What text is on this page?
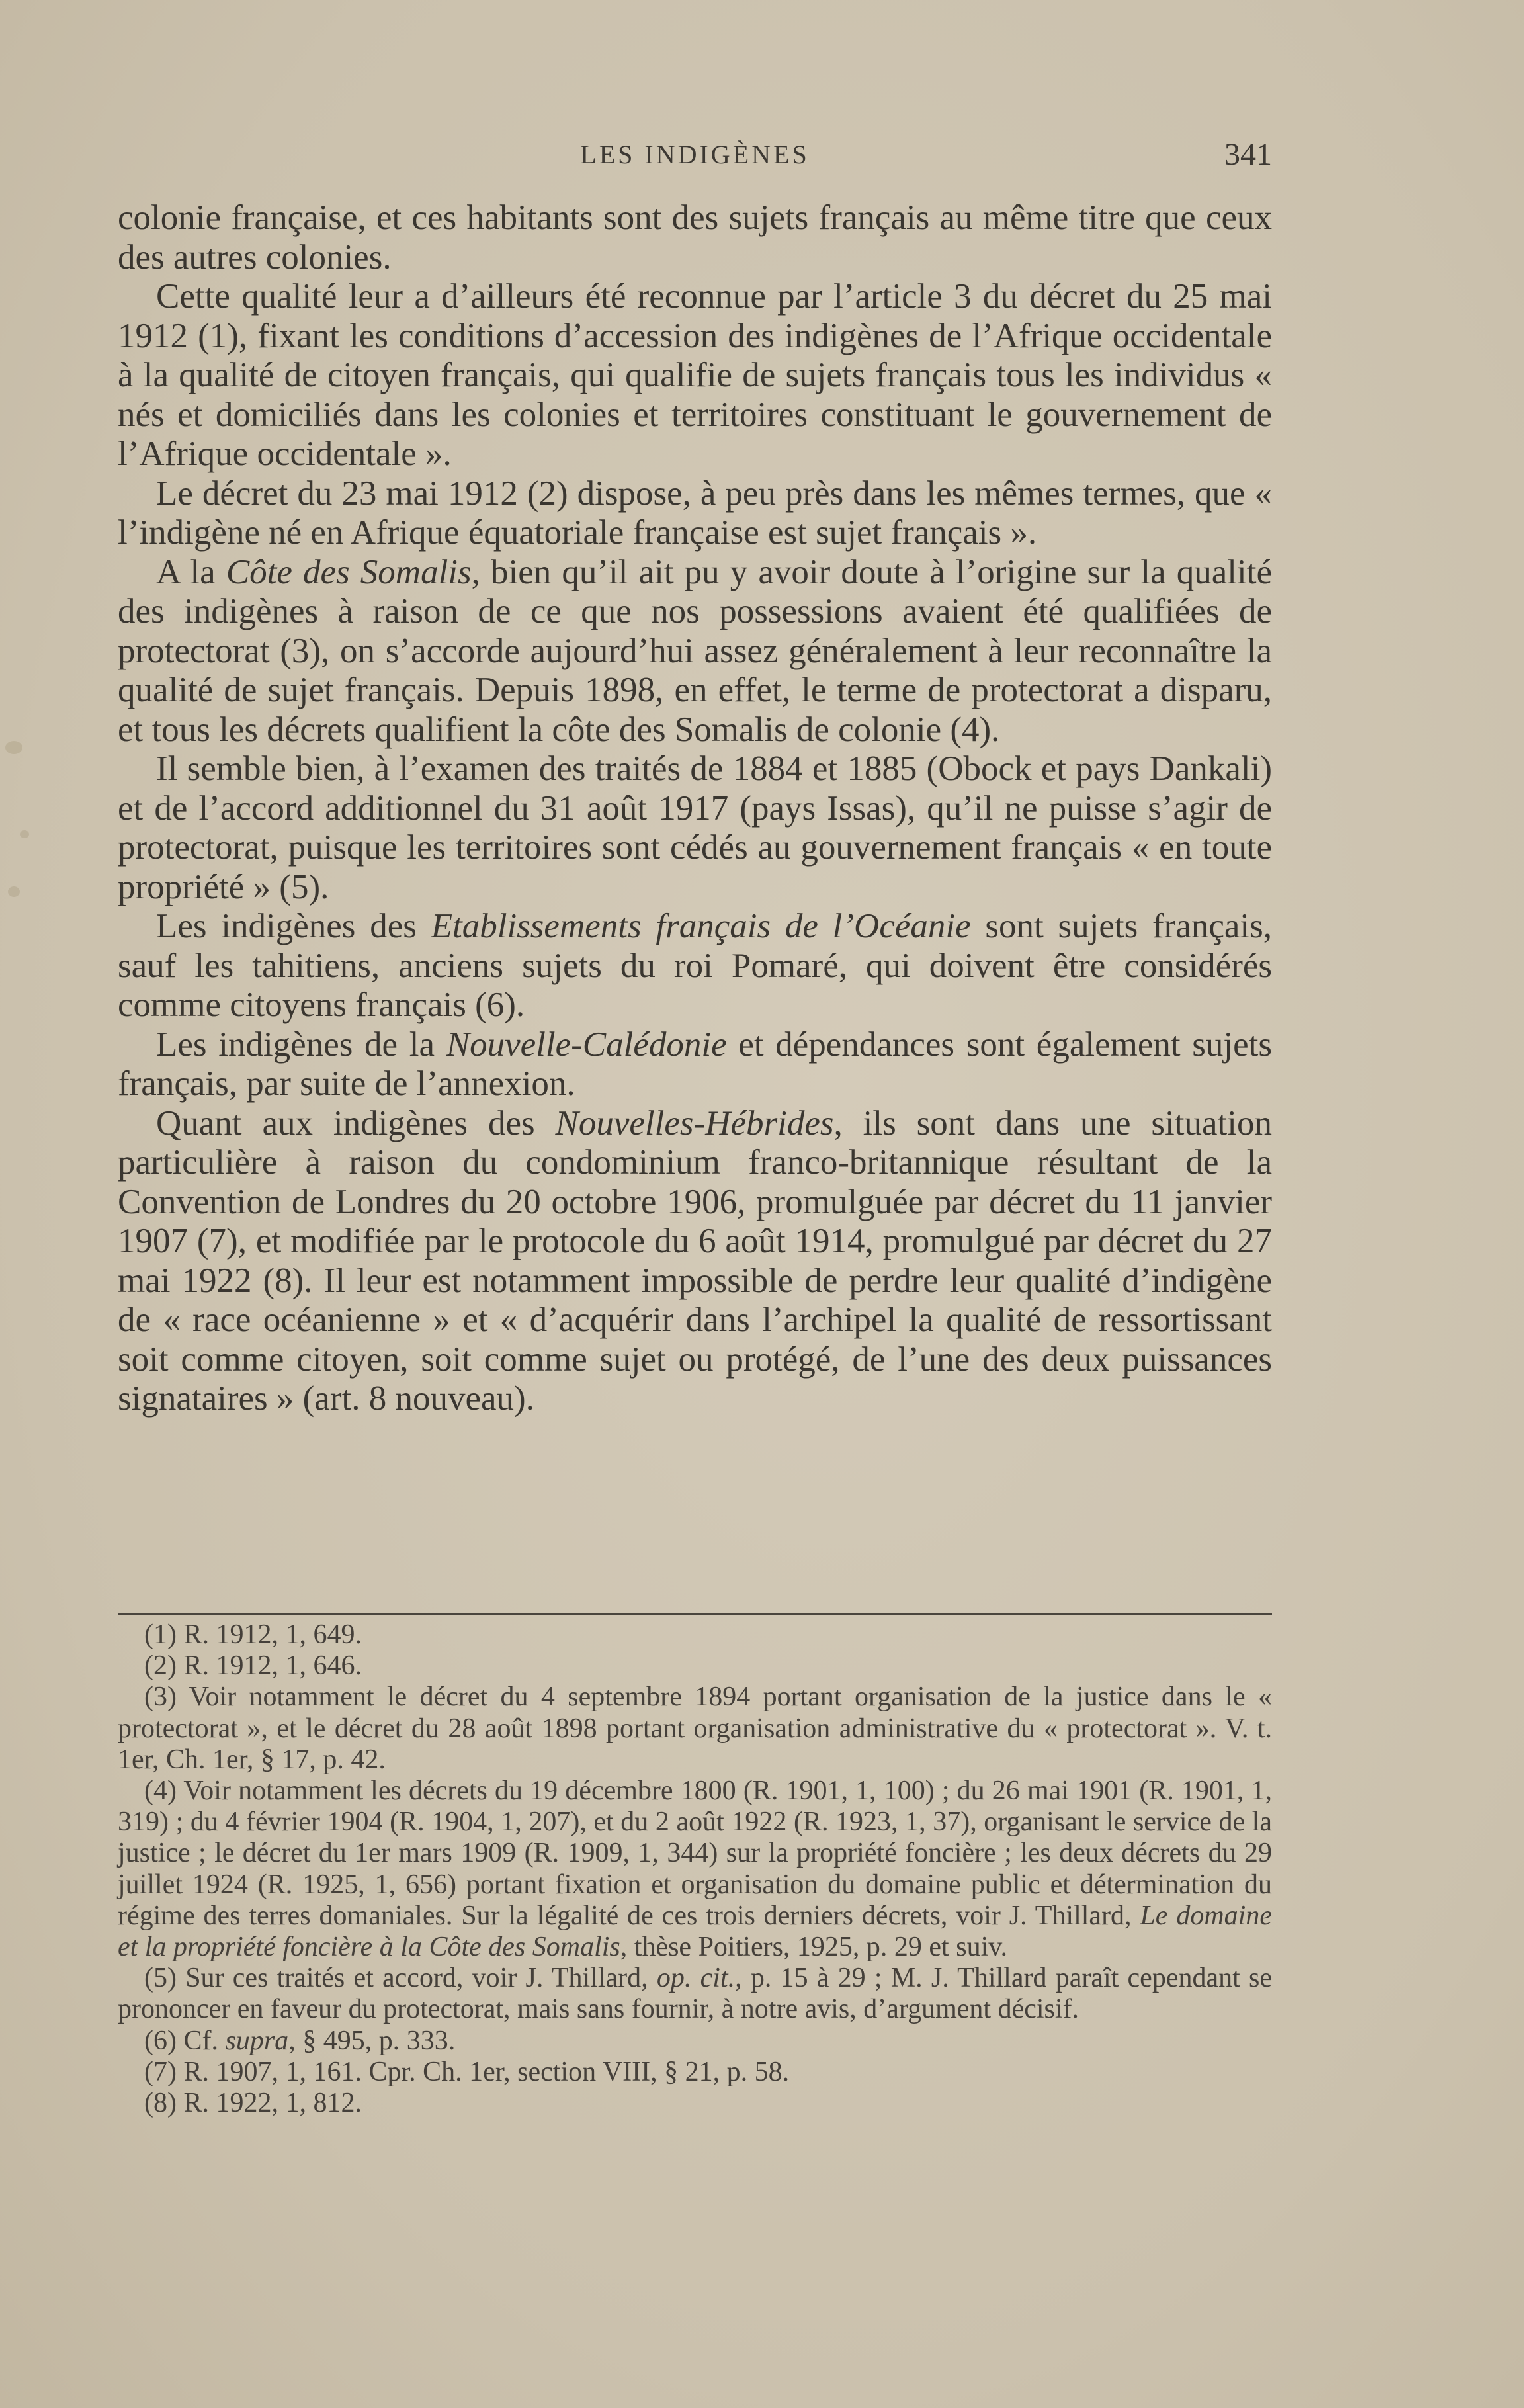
LES INDIGÈNES	341

colonie française, et ces habitants sont des sujets français au même titre que ceux des autres colonies.

Cette qualité leur a d’ailleurs été reconnue par l’article 3 du décret du 25 mai 1912 (1), fixant les conditions d’accession des indigènes de l’Afrique occidentale à la qualité de citoyen français, qui qualifie de sujets français tous les individus « nés et domiciliés dans les colonies et territoires constituant le gouvernement de l’Afrique occidentale ».

Le décret du 23 mai 1912 (2) dispose, à peu près dans les mêmes termes, que « l’indigène né en Afrique équatoriale française est sujet français ».

A la Côte des Somalis, bien qu’il ait pu y avoir doute à l’origine sur la qualité des indigènes à raison de ce que nos possessions avaient été qualifiées de protectorat (3), on s’accorde aujourd’hui assez généralement à leur reconnaître la qualité de sujet français. Depuis 1898, en effet, le terme de protectorat a disparu, et tous les décrets qualifient la côte des Somalis de colonie (4).

Il semble bien, à l’examen des traités de 1884 et 1885 (Obock et pays Dankali) et de l’accord additionnel du 31 août 1917 (pays Issas), qu’il ne puisse s’agir de protectorat, puisque les territoires sont cédés au gouvernement français « en toute propriété » (5).

Les indigènes des Etablissements français de l’Océanie sont sujets français, sauf les tahitiens, anciens sujets du roi Pomaré, qui doivent être considérés comme citoyens français (6).

Les indigènes de la Nouvelle-Calédonie et dépendances sont également sujets français, par suite de l’annexion.

Quant aux indigènes des Nouvelles-Hébrides, ils sont dans une situation particulière à raison du condominium franco-britannique résultant de la Convention de Londres du 20 octobre 1906, promulguée par décret du 11 janvier 1907 (7), et modifiée par le protocole du 6 août 1914, promulgué par décret du 27 mai 1922 (8). Il leur est notamment impossible de perdre leur qualité d’indigène de « race océanienne » et « d’acquérir dans l’archipel la qualité de ressortissant soit comme citoyen, soit comme sujet ou protégé, de l’une des deux puissances signataires » (art. 8 nouveau).

(1) R. 1912, 1, 649.

(2) R. 1912, 1, 646.

(3) Voir notamment le décret du 4 septembre 1894 portant organisation de la justice dans le « protectorat », et le décret du 28 août 1898 portant organisation administrative du « protectorat ». V. t. 1er, Ch. 1er, § 17, p. 42.

(4) Voir notamment les décrets du 19 décembre 1800 (R. 1901, 1, 100) ; du 26 mai 1901 (R. 1901, 1, 319) ; du 4 février 1904 (R. 1904, 1, 207), et du 2 août 1922 (R. 1923, 1, 37), organisant le service de la justice ; le décret du 1er mars 1909 (R. 1909, 1, 344) sur la propriété foncière ; les deux décrets du 29 juillet 1924 (R. 1925, 1, 656) portant fixation et organisation du domaine public et détermination du régime des terres domaniales. Sur la légalité de ces trois derniers décrets, voir J. Thillard, Le domaine et la propriété foncière à la Côte des Somalis, thèse Poitiers, 1925, p. 29 et suiv.

(5) Sur ces traités et accord, voir J. Thillard, op. cit., p. 15 à 29 ; M. J. Thillard paraît cependant se prononcer en faveur du protectorat, mais sans fournir, à notre avis, d’argument décisif.

(6) Cf. supra, § 495, p. 333.

(7) R. 1907, 1, 161. Cpr. Ch. 1er, section VIII, § 21, p. 58.

(8) R. 1922, 1, 812.
